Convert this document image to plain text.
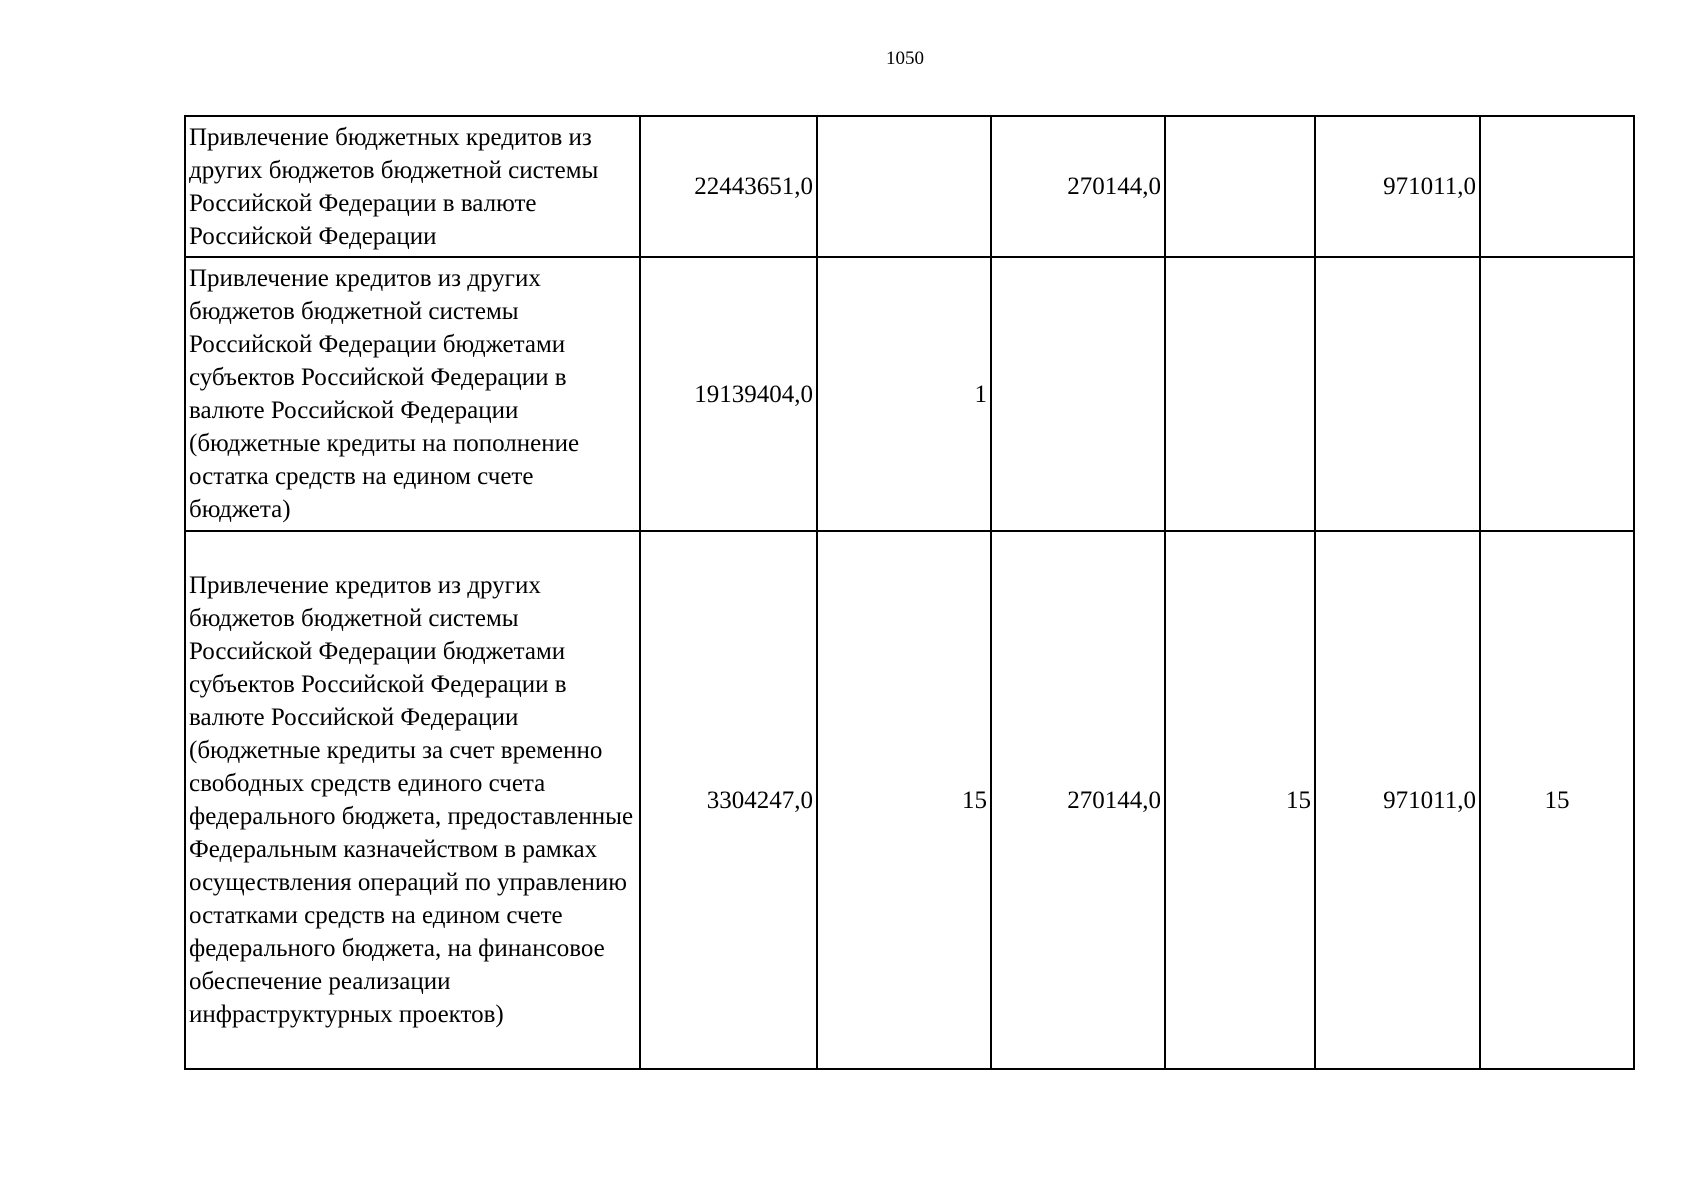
1050
Привлечение бюджетных кредитов из других бюджетов бюджетной системы Российской Федерации в валюте Российской Федерации	22443651,0		270144,0		971011,0	
Привлечение кредитов из других бюджетов бюджетной системы Российской Федерации бюджетами субъектов Российской Федерации в валюте Российской Федерации (бюджетные кредиты на пополнение остатка средств на едином счете бюджета)	19139404,0	1				
Привлечение кредитов из других бюджетов бюджетной системы Российской Федерации бюджетами субъектов Российской Федерации в валюте Российской Федерации (бюджетные кредиты за счет временно свободных средств единого счета федерального бюджета, предоставленные Федеральным казначейством в рамках осуществления операций по управлению остатками средств на едином счете федерального бюджета, на финансовое обеспечение реализации инфраструктурных проектов)	3304247,0	15	270144,0	15	971011,0	15
